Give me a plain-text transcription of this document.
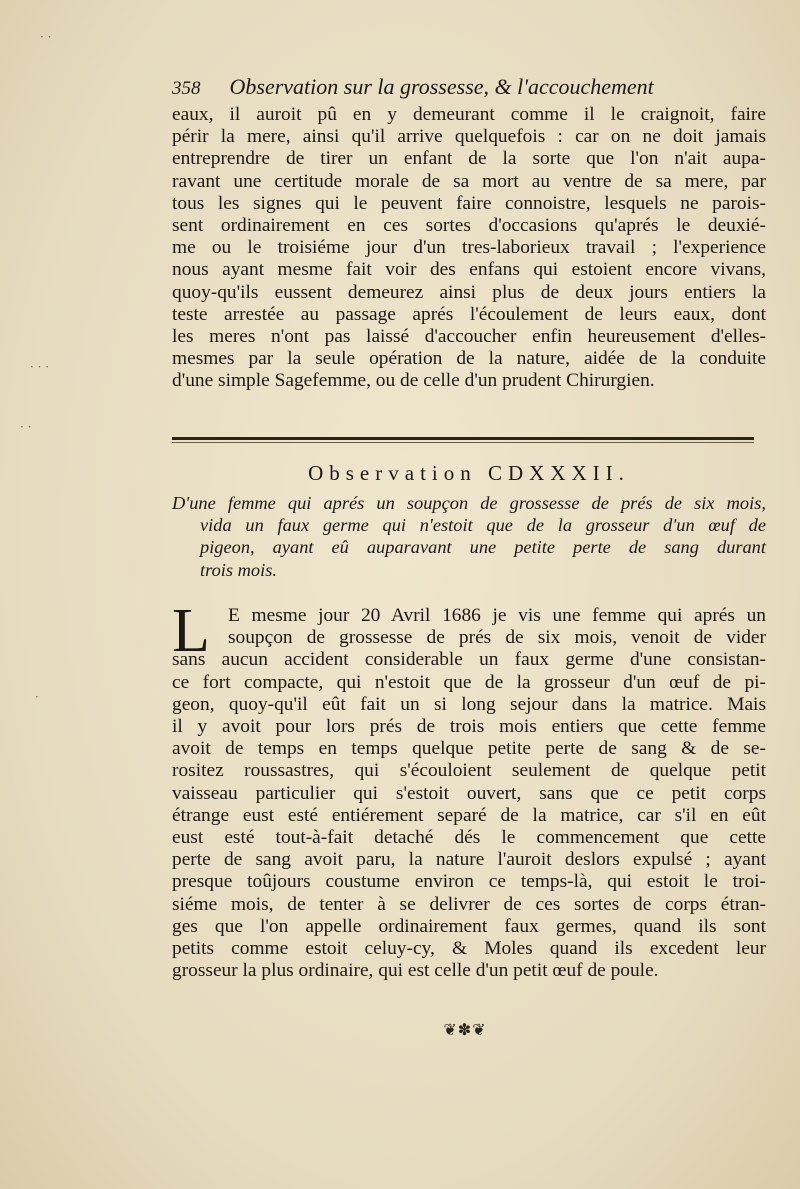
358 Observation sur la grossesse, & l'accouchement
eaux, il auroit pû en y demeurant comme il le craignoit, faire
périr la mere, ainsi qu'il arrive quelquefois : car on ne doit jamais
entreprendre de tirer un enfant de la sorte que l'on n'ait aupa-
ravant une certitude morale de sa mort au ventre de sa mere, par
tous les signes qui le peuvent faire connoistre, lesquels ne parois-
sent ordinairement en ces sortes d'occasions qu'aprés le deuxié-
me ou le troisiéme jour d'un tres-laborieux travail ; l'experience
nous ayant mesme fait voir des enfans qui estoient encore vivans,
quoy-qu'ils eussent demeurez ainsi plus de deux jours entiers la
teste arrestée au passage aprés l'écoulement de leurs eaux, dont
les meres n'ont pas laissé d'accoucher enfin heureusement d'elles-
mesmes par la seule opération de la nature, aidée de la conduite
d'une simple Sagefemme, ou de celle d'un prudent Chirurgien.
Observation CDXXXII.
D'une femme qui aprés un soupçon de grossesse de prés de six mois,
vida un faux germe qui n'estoit que de la grosseur d'un œuf de
pigeon, ayant eû auparavant une petite perte de sang durant
trois mois.
L E mesme jour 20 Avril 1686 je vis une femme qui aprés un
soupçon de grossesse de prés de six mois, venoit de vider
sans aucun accident considerable un faux germe d'une consistan-
ce fort compacte, qui n'estoit que de la grosseur d'un œuf de pi-
geon, quoy-qu'il eût fait un si long sejour dans la matrice. Mais
il y avoit pour lors prés de trois mois entiers que cette femme
avoit de temps en temps quelque petite perte de sang & de se-
rositez roussastres, qui s'écouloient seulement de quelque petit
vaisseau particulier qui s'estoit ouvert, sans que ce petit corps
étrange eust esté entiérement separé de la matrice, car s'il en eût
eust esté tout-à-fait detaché dés le commencement que cette
perte de sang avoit paru, la nature l'auroit deslors expulsé ; ayant
presque toûjours coustume environ ce temps-là, qui estoit le troi-
siéme mois, de tenter à se delivrer de ces sortes de corps étran-
ges que l'on appelle ordinairement faux germes, quand ils sont
petits comme estoit celuy-cy, & Moles quand ils excedent leur
grosseur la plus ordinaire, qui est celle d'un petit œuf de poule.
❦✽❦
· ·
· · ·
· ·
·
